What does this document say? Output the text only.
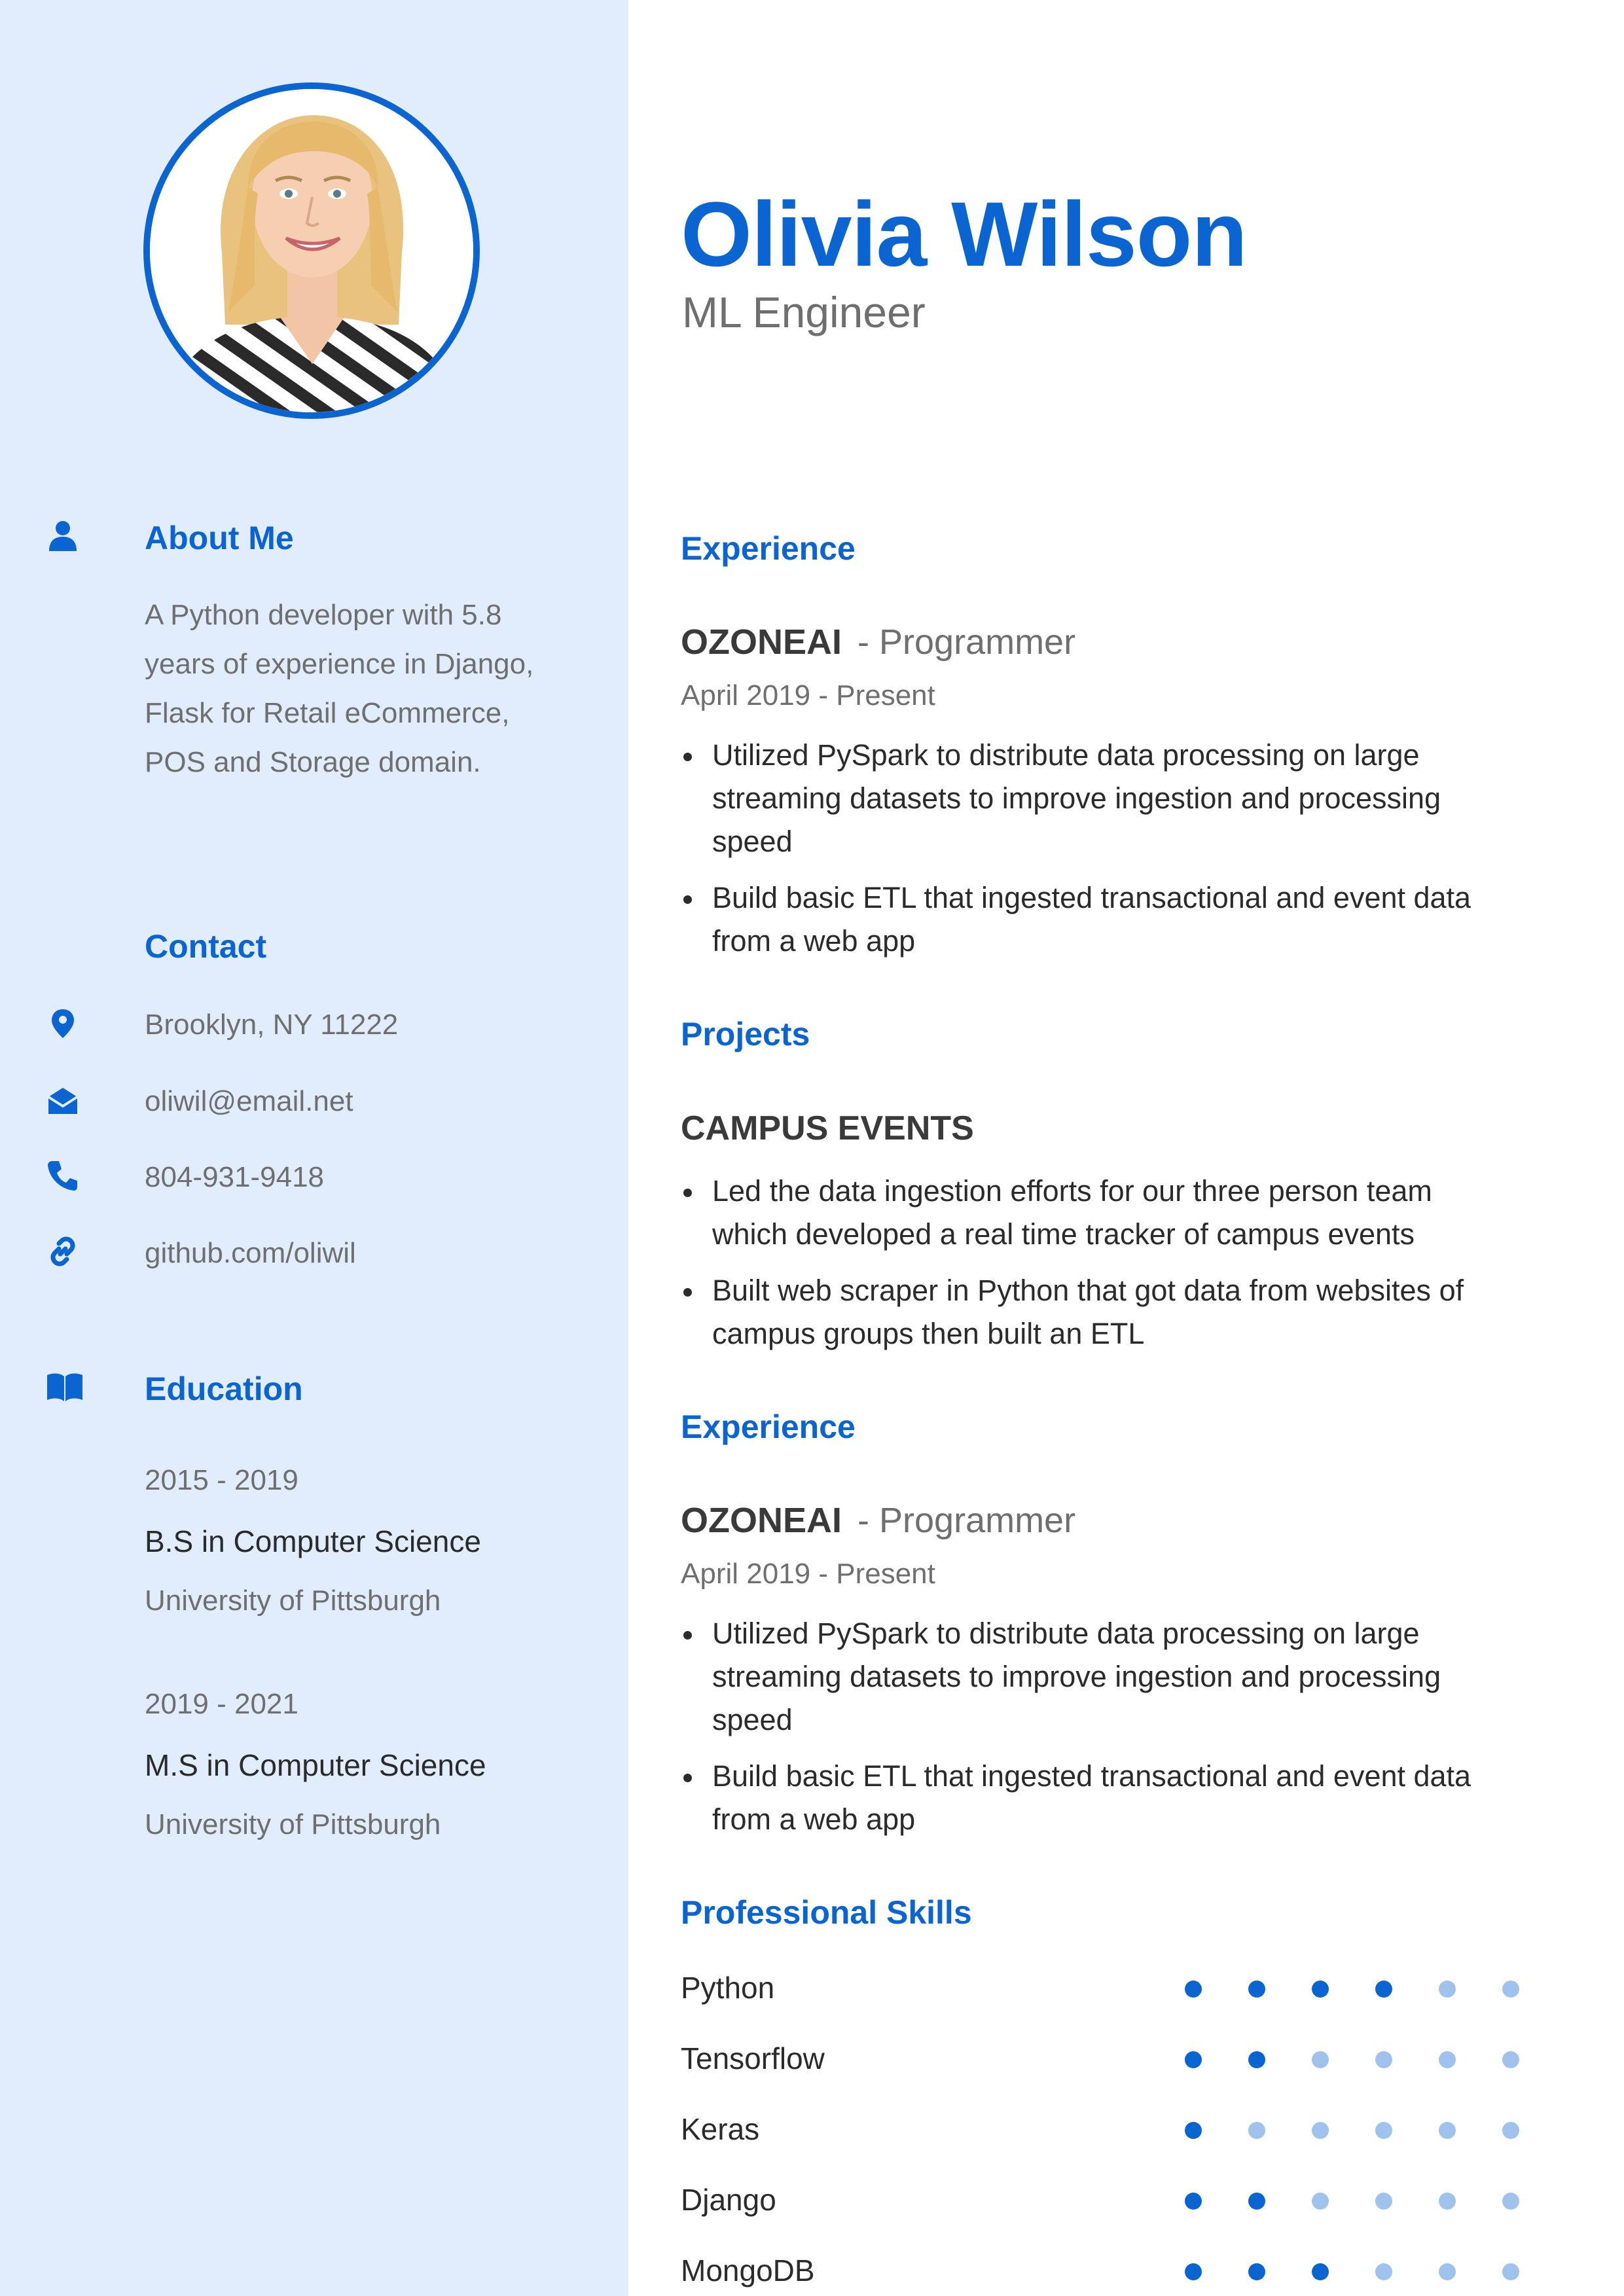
About Me
A Python developer with 5.8 years of experience in Django, Flask for Retail eCommerce, POS and Storage domain.
Contact
Brooklyn, NY 11222
oliwil@email.net
804-931-9418
github.com/oliwil
Education
2015 - 2019
B.S in Computer Science
University of Pittsburgh
2019 - 2021
M.S in Computer Science
University of Pittsburgh
Olivia Wilson
ML Engineer
Experience
OZONEAI - Programmer
April 2019 - Present
Utilized PySpark to distribute data processing on large streaming datasets to improve ingestion and processing speed
Build basic ETL that ingested transactional and event data from a web app
Projects
CAMPUS EVENTS
Led the data ingestion efforts for our three person team which developed a real time tracker of campus events
Built web scraper in Python that got data from websites of campus groups then built an ETL
Experience
OZONEAI - Programmer
April 2019 - Present
Utilized PySpark to distribute data processing on large streaming datasets to improve ingestion and processing speed
Build basic ETL that ingested transactional and event data from a web app
Professional Skills
Python
Tensorflow
Keras
Django
MongoDB
